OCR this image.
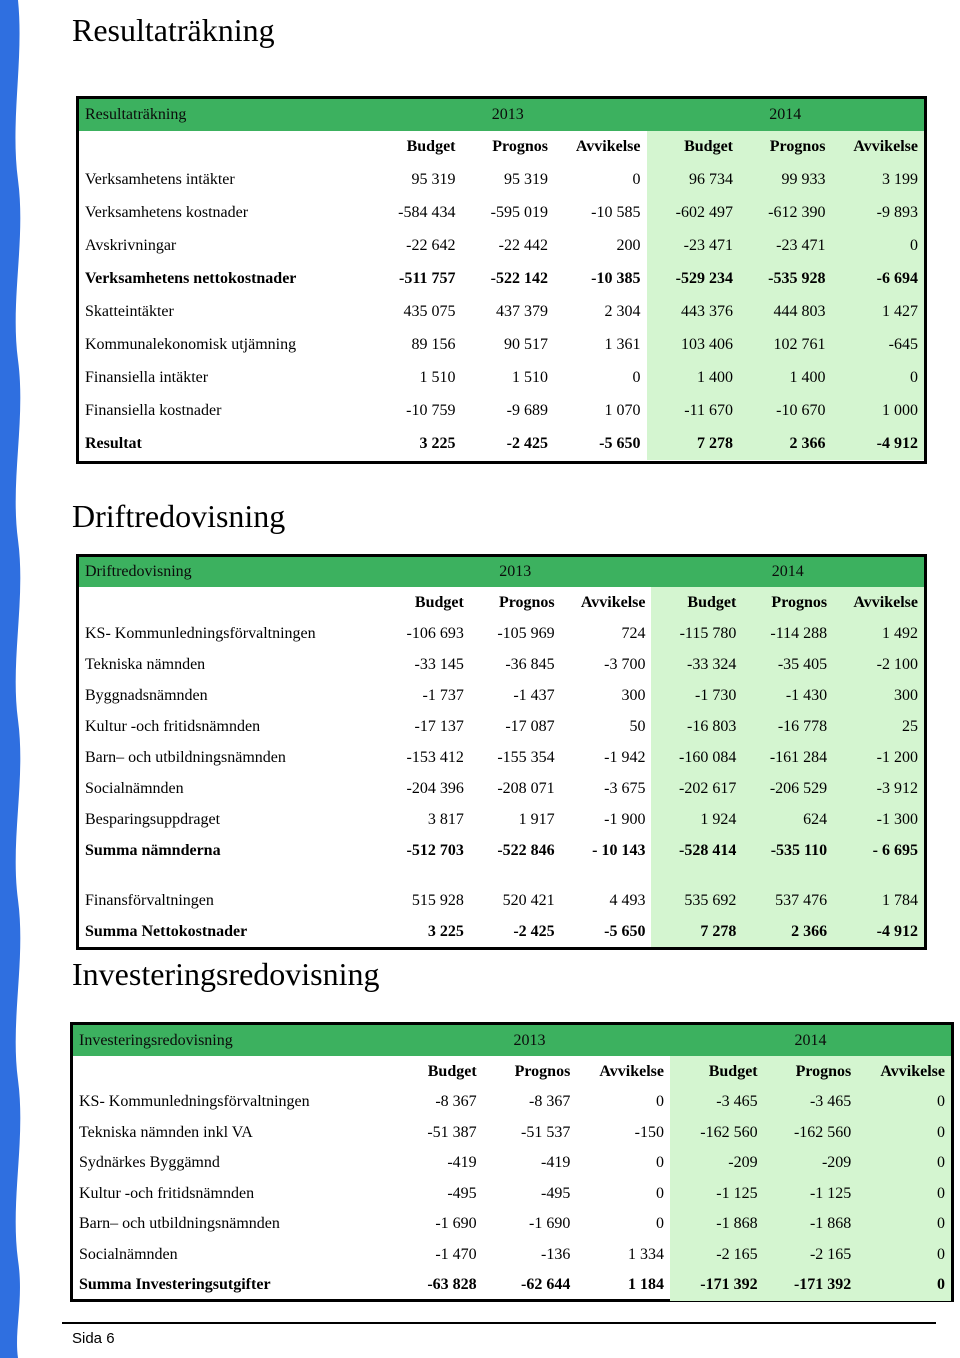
Resultaträkning
Resultaträkning	2013			2014		
	Budget	Prognos	Avvikelse	Budget	Prognos	Avvikelse
Verksamhetens intäkter	95 319	95 319	0	96 734	99 933	3 199
Verksamhetens kostnader	-584 434	-595 019	-10 585	-602 497	-612 390	-9 893
Avskrivningar	-22 642	-22 442	200	-23 471	-23 471	0
Verksamhetens nettokostnader	-511 757	-522 142	-10 385	-529 234	-535 928	-6 694
Skatteintäkter	435 075	437 379	2 304	443 376	444 803	1 427
Kommunalekonomisk utjämning	89 156	90 517	1 361	103 406	102 761	-645
Finansiella intäkter	1 510	1 510	0	1 400	1 400	0
Finansiella kostnader	-10 759	-9 689	1 070	-11 670	-10 670	1 000
Resultat	3 225	-2 425	-5 650	7 278	2 366	-4 912
Driftredovisning
Driftredovisning	2013			2014		
	Budget	Prognos	Avvikelse	Budget	Prognos	Avvikelse
KS- Kommunledningsförvaltningen	-106 693	-105 969	724	-115 780	-114 288	1 492
Tekniska nämnden	-33 145	-36 845	-3 700	-33 324	-35 405	-2 100
Byggnadsnämnden	-1 737	-1 437	300	-1 730	-1 430	300
Kultur -och fritidsnämnden	-17 137	-17 087	50	-16 803	-16 778	25
Barn– och utbildningsnämnden	-153 412	-155 354	-1 942	-160 084	-161 284	-1 200
Socialnämnden	-204 396	-208 071	-3 675	-202 617	-206 529	-3 912
Besparingsuppdraget	3 817	1 917	-1 900	1 924	624	-1 300
Summa nämnderna	-512 703	-522 846	- 10 143	-528 414	-535 110	- 6 695
Finansförvaltningen	515 928	520 421	4 493	535 692	537 476	1 784
Summa Nettokostnader	3 225	-2 425	-5 650	7 278	2 366	-4 912
Investeringsredovisning
Investeringsredovisning	2013			2014		
	Budget	Prognos	Avvikelse	Budget	Prognos	Avvikelse
KS- Kommunledningsförvaltningen	-8 367	-8 367	0	-3 465	-3 465	0
Tekniska nämnden inkl VA	-51 387	-51 537	-150	-162 560	-162 560	0
Sydnärkes Byggämnd	-419	-419	0	-209	-209	0
Kultur -och fritidsnämnden	-495	-495	0	-1 125	-1 125	0
Barn– och utbildningsnämnden	-1 690	-1 690	0	-1 868	-1 868	0
Socialnämnden	-1 470	-136	1 334	-2 165	-2 165	0
Summa Investeringsutgifter	-63 828	-62 644	1 184	-171 392	-171 392	0
Sida 6
